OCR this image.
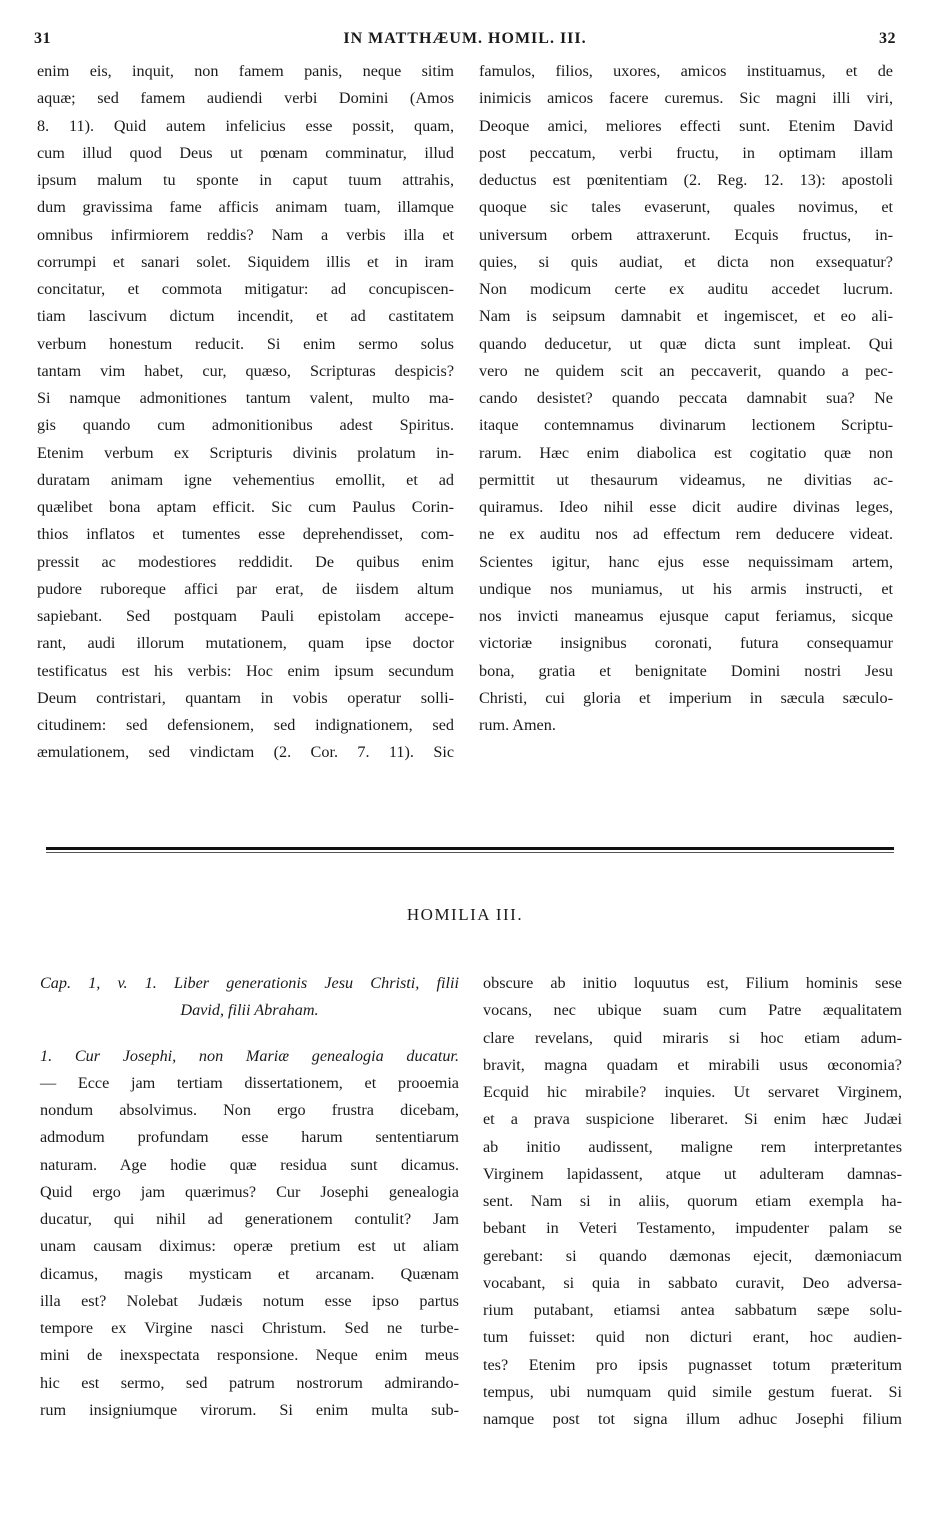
31	IN MATTHÆUM. HOMIL. III.	32
enim eis, inquit, non famem panis, neque sitim
aquæ; sed famem audiendi verbi Domini (Amos
8. 11). Quid autem infelicius esse possit, quam,
cum illud quod Deus ut pœnam comminatur, illud
ipsum malum tu sponte in caput tuum attrahis,
dum gravissima fame afficis animam tuam, illamque
omnibus infirmiorem reddis? Nam a verbis illa et
corrumpi et sanari solet. Siquidem illis et in iram
concitatur, et commota mitigatur: ad concupiscen-
tiam lascivum dictum incendit, et ad castitatem
verbum honestum reducit. Si enim sermo solus
tantam vim habet, cur, quæso, Scripturas despicis?
Si namque admonitiones tantum valent, multo ma-
gis quando cum admonitionibus adest Spiritus.
Etenim verbum ex Scripturis divinis prolatum in-
duratam animam igne vehementius emollit, et ad
quælibet bona aptam efficit. Sic cum Paulus Corin-
thios inflatos et tumentes esse deprehendisset, com-
pressit ac modestiores reddidit. De quibus enim
pudore ruboreque affici par erat, de iisdem altum
sapiebant. Sed postquam Pauli epistolam accepe-
rant, audi illorum mutationem, quam ipse doctor
testificatus est his verbis: Hoc enim ipsum secundum
Deum contristari, quantam in vobis operatur solli-
citudinem: sed defensionem, sed indignationem, sed
æmulationem, sed vindictam (2. Cor. 7. 11). Sic
famulos, filios, uxores, amicos instituamus, et de
inimicis amicos facere curemus. Sic magni illi viri,
Deoque amici, meliores effecti sunt. Etenim David
post peccatum, verbi fructu, in optimam illam
deductus est pœnitentiam (2. Reg. 12. 13): apostoli
quoque sic tales evaserunt, quales novimus, et
universum orbem attraxerunt. Ecquis fructus, in-
quies, si quis audiat, et dicta non exsequatur?
Non modicum certe ex auditu accedet lucrum.
Nam is seipsum damnabit et ingemiscet, et eo ali-
quando deducetur, ut quæ dicta sunt impleat. Qui
vero ne quidem scit an peccaverit, quando a pec-
cando desistet? quando peccata damnabit sua? Ne
itaque contemnamus divinarum lectionem Scriptu-
rarum. Hæc enim diabolica est cogitatio quæ non
permittit ut thesaurum videamus, ne divitias ac-
quiramus. Ideo nihil esse dicit audire divinas leges,
ne ex auditu nos ad effectum rem deducere videat.
Scientes igitur, hanc ejus esse nequissimam artem,
undique nos muniamus, ut his armis instructi, et
nos invicti maneamus ejusque caput feriamus, sicque
victoriæ insignibus coronati, futura consequamur
bona, gratia et benignitate Domini nostri Jesu
Christi, cui gloria et imperium in sæcula sæculo-
rum. Amen.
HOMILIA III.
Cap. 1, v. 1. Liber generationis Jesu Christi, filii
David, filii Abraham.
1. Cur Josephi, non Mariæ genealogia ducatur.
— Ecce jam tertiam dissertationem, et prooemia
nondum absolvimus. Non ergo frustra dicebam,
admodum profundam esse harum sententiarum
naturam. Age hodie quæ residua sunt dicamus.
Quid ergo jam quærimus? Cur Josephi genealogia
ducatur, qui nihil ad generationem contulit? Jam
unam causam diximus: operæ pretium est ut aliam
dicamus, magis mysticam et arcanam. Quænam
illa est? Nolebat Judæis notum esse ipso partus
tempore ex Virgine nasci Christum. Sed ne turbe-
mini de inexspectata responsione. Neque enim meus
hic est sermo, sed patrum nostrorum admirando-
rum insigniumque virorum. Si enim multa sub-
obscure ab initio loquutus est, Filium hominis sese
vocans, nec ubique suam cum Patre æqualitatem
clare revelans, quid miraris si hoc etiam adum-
bravit, magna quadam et mirabili usus œconomia?
Ecquid hic mirabile? inquies. Ut servaret Virginem,
et a prava suspicione liberaret. Si enim hæc Judæi
ab initio audissent, maligne rem interpretantes
Virginem lapidassent, atque ut adulteram damnas-
sent. Nam si in aliis, quorum etiam exempla ha-
bebant in Veteri Testamento, impudenter palam se
gerebant: si quando dæmonas ejecit, dæmoniacum
vocabant, si quia in sabbato curavit, Deo adversa-
rium putabant, etiamsi antea sabbatum sæpe solu-
tum fuisset: quid non dicturi erant, hoc audien-
tes? Etenim pro ipsis pugnasset totum præteritum
tempus, ubi numquam quid simile gestum fuerat. Si
namque post tot signa illum adhuc Josephi filium
